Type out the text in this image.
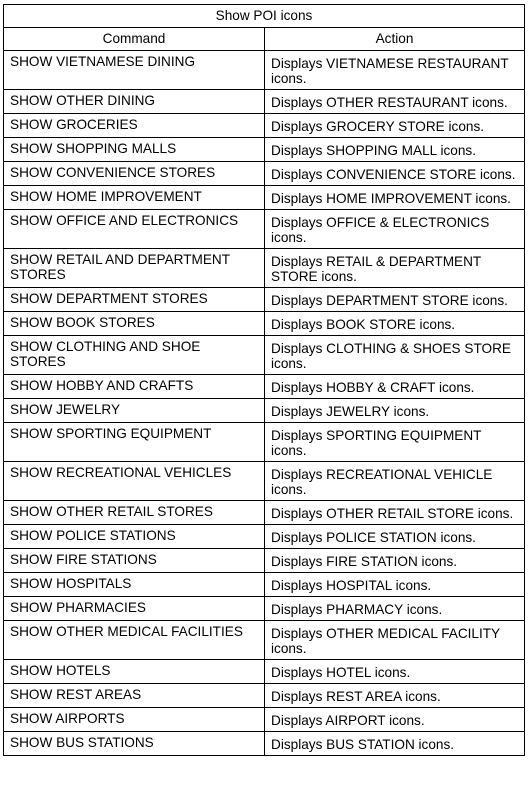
Show POI icons	
Command	Action
SHOW VIETNAMESE DINING	Displays VIETNAMESE RESTAURANT icons.
SHOW OTHER DINING	Displays OTHER RESTAURANT icons.
SHOW GROCERIES	Displays GROCERY STORE icons.
SHOW SHOPPING MALLS	Displays SHOPPING MALL icons.
SHOW CONVENIENCE STORES	Displays CONVENIENCE STORE icons.
SHOW HOME IMPROVEMENT	Displays HOME IMPROVEMENT icons.
SHOW OFFICE AND ELECTRONICS	Displays OFFICE & ELECTRONICS icons.
SHOW RETAIL AND DEPARTMENT STORES	Displays RETAIL & DEPARTMENT STORE icons.
SHOW DEPARTMENT STORES	Displays DEPARTMENT STORE icons.
SHOW BOOK STORES	Displays BOOK STORE icons.
SHOW CLOTHING AND SHOE STORES	Displays CLOTHING & SHOES STORE icons.
SHOW HOBBY AND CRAFTS	Displays HOBBY & CRAFT icons.
SHOW JEWELRY	Displays JEWELRY icons.
SHOW SPORTING EQUIPMENT	Displays SPORTING EQUIPMENT icons.
SHOW RECREATIONAL VEHICLES	Displays RECREATIONAL VEHICLE icons.
SHOW OTHER RETAIL STORES	Displays OTHER RETAIL STORE icons.
SHOW POLICE STATIONS	Displays POLICE STATION icons.
SHOW FIRE STATIONS	Displays FIRE STATION icons.
SHOW HOSPITALS	Displays HOSPITAL icons.
SHOW PHARMACIES	Displays PHARMACY icons.
SHOW OTHER MEDICAL FACILITIES	Displays OTHER MEDICAL FACILITY icons.
SHOW HOTELS	Displays HOTEL icons.
SHOW REST AREAS	Displays REST AREA icons.
SHOW AIRPORTS	Displays AIRPORT icons.
SHOW BUS STATIONS	Displays BUS STATION icons.
